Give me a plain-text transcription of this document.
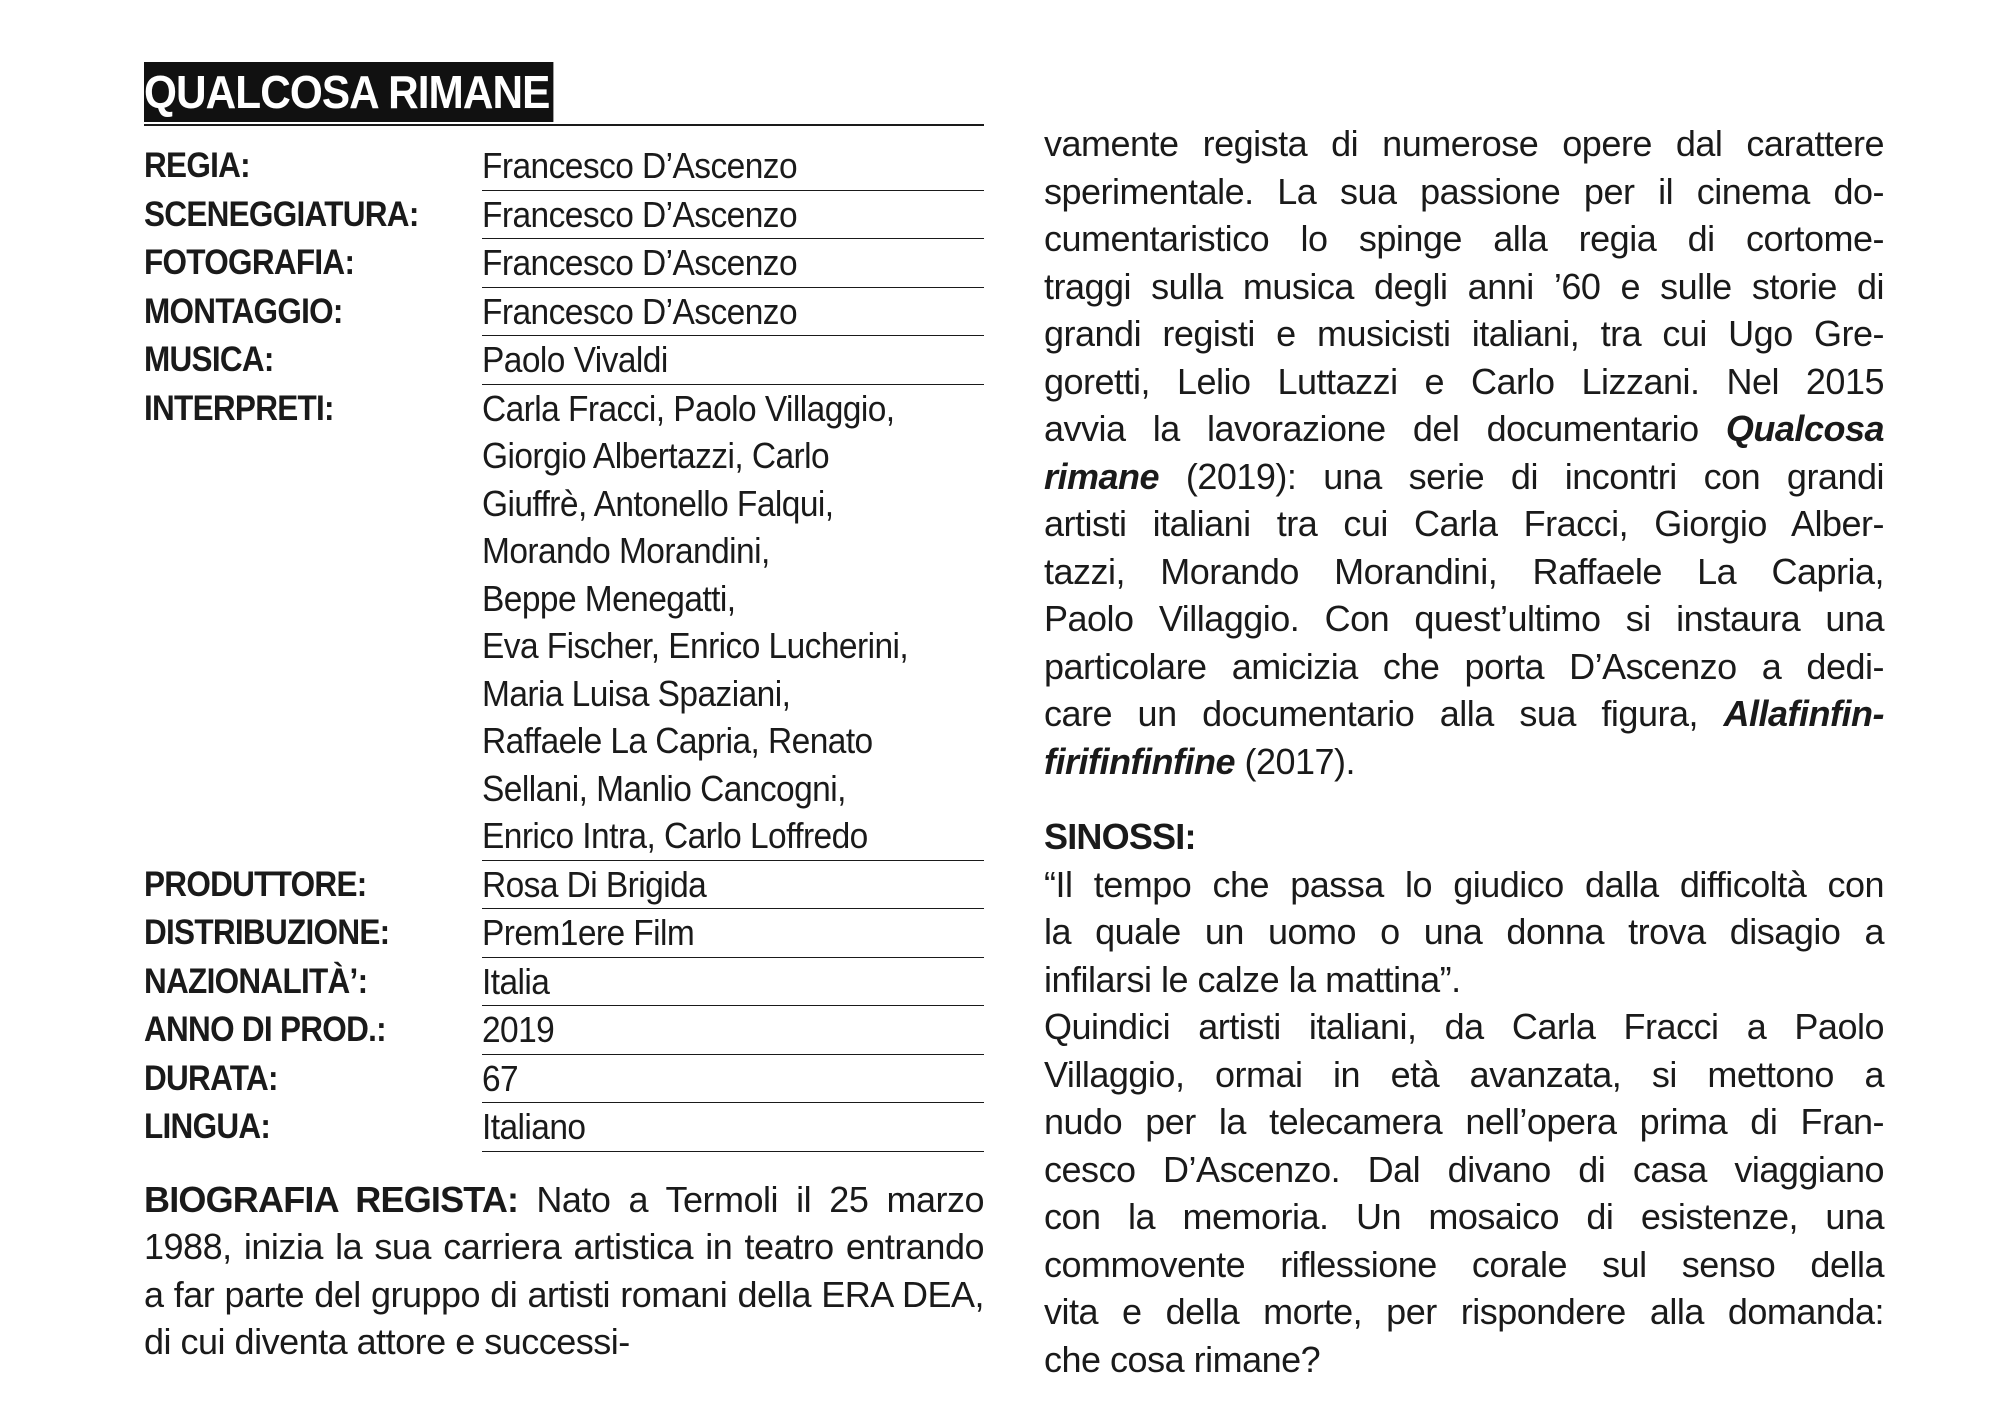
QUALCOSA RIMANE
REGIA:	Francesco D’Ascenzo
SCENEGGIATURA:	Francesco D’Ascenzo
FOTOGRAFIA:	Francesco D’Ascenzo
MONTAGGIO:	Francesco D’Ascenzo
MUSICA:	Paolo Vivaldi
INTERPRETI:	Carla Fracci, Paolo Villaggio,
Giorgio Albertazzi, Carlo
Giuffrè, Antonello Falqui,
Morando Morandini,
Beppe Menegatti,
Eva Fischer, Enrico Lucherini,
Maria Luisa Spaziani,
Raffaele La Capria, Renato
Sellani, Manlio Cancogni,
Enrico Intra, Carlo Loffredo
PRODUTTORE:	Rosa Di Brigida
DISTRIBUZIONE:	Prem1ere Film
NAZIONALITÀ’:	Italia
ANNO DI PROD.:	2019
DURATA:	67
LINGUA:	Italiano
BIOGRAFIA REGISTA: Nato a Termoli il 25 marzo 1988, inizia la sua carriera artistica in teatro entrando a far parte del gruppo di artisti romani della ERA DEA, di cui diventa attore e successi-
vamente regista di numerose opere dal carattere
sperimentale. La sua passione per il cinema do-
cumentaristico lo spinge alla regia di cortome-
traggi sulla musica degli anni ’60 e sulle storie di
grandi registi e musicisti italiani, tra cui Ugo Gre-
goretti, Lelio Luttazzi e Carlo Lizzani. Nel 2015
avvia la lavorazione del documentario Qualcosa
rimane (2019): una serie di incontri con grandi
artisti italiani tra cui Carla Fracci, Giorgio Alber-
tazzi, Morando Morandini, Raffaele La Capria,
Paolo Villaggio. Con quest’ultimo si instaura una
particolare amicizia che porta D’Ascenzo a dedi-
care un documentario alla sua figura, Allafinfin-
firifinfinfine (2017).
SINOSSI:
“Il tempo che passa lo giudico dalla difficoltà con
la quale un uomo o una donna trova disagio a
infilarsi le calze la mattina”.
Quindici artisti italiani, da Carla Fracci a Paolo
Villaggio, ormai in età avanzata, si mettono a
nudo per la telecamera nell’opera prima di Fran-
cesco D’Ascenzo. Dal divano di casa viaggiano
con la memoria. Un mosaico di esistenze, una
commovente riflessione corale sul senso della
vita e della morte, per rispondere alla domanda:
che cosa rimane?
